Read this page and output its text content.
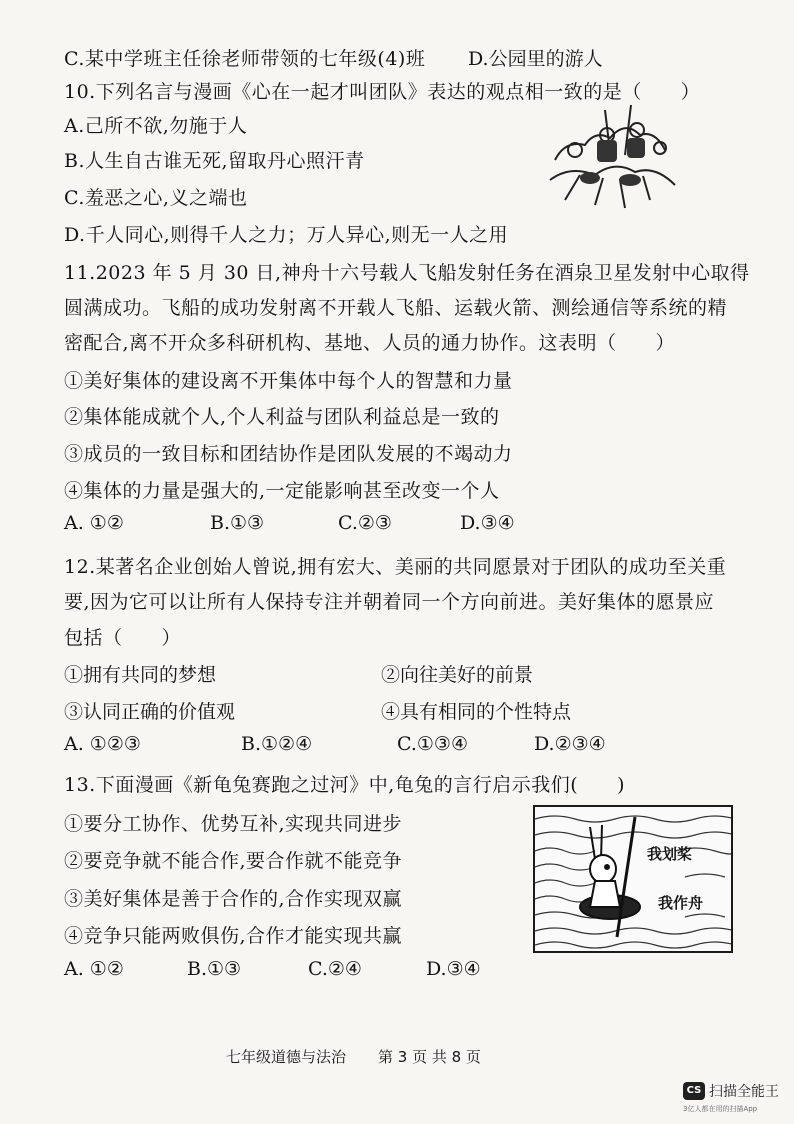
C.某中学班主任徐老师带领的七年级(4)班 D.公园里的游人
10.下列名言与漫画《心在一起才叫团队》表达的观点相一致的是（　　）
A.己所不欲,勿施于人
B.人生自古谁无死,留取丹心照汗青
C.羞恶之心,义之端也
D.千人同心,则得千人之力；万人异心,则无一人之用
11.2023 年 5 月 30 日,神舟十六号载人飞船发射任务在酒泉卫星发射中心取得
圆满成功。飞船的成功发射离不开载人飞船、运载火箭、测绘通信等系统的精
密配合,离不开众多科研机构、基地、人员的通力协作。这表明（　　）
①美好集体的建设离不开集体中每个人的智慧和力量
②集体能成就个人,个人利益与团队利益总是一致的
③成员的一致目标和团结协作是团队发展的不竭动力
④集体的力量是强大的,一定能影响甚至改变一个人
A. ①②	B.①③	C.②③	D.③④
12.某著名企业创始人曾说,拥有宏大、美丽的共同愿景对于团队的成功至关重
要,因为它可以让所有人保持专注并朝着同一个方向前进。美好集体的愿景应
包括（　　）
①拥有共同的梦想	②向往美好的前景
③认同正确的价值观	④具有相同的个性特点
A. ①②③	B.①②④	C.①③④	D.②③④
13.下面漫画《新龟兔赛跑之过河》中,龟兔的言行启示我们(　　)
①要分工协作、优势互补,实现共同进步
②要竞争就不能合作,要合作就不能竞争
③美好集体是善于合作的,合作实现双赢
④竞争只能两败俱伤,合作才能实现共赢
A. ①②	B.①③	C.②④	D.③④
我划桨
我作舟
七年级道德与法治 第 3 页 共 8 页
CS 扫描全能王
3亿人都在用的扫描App
